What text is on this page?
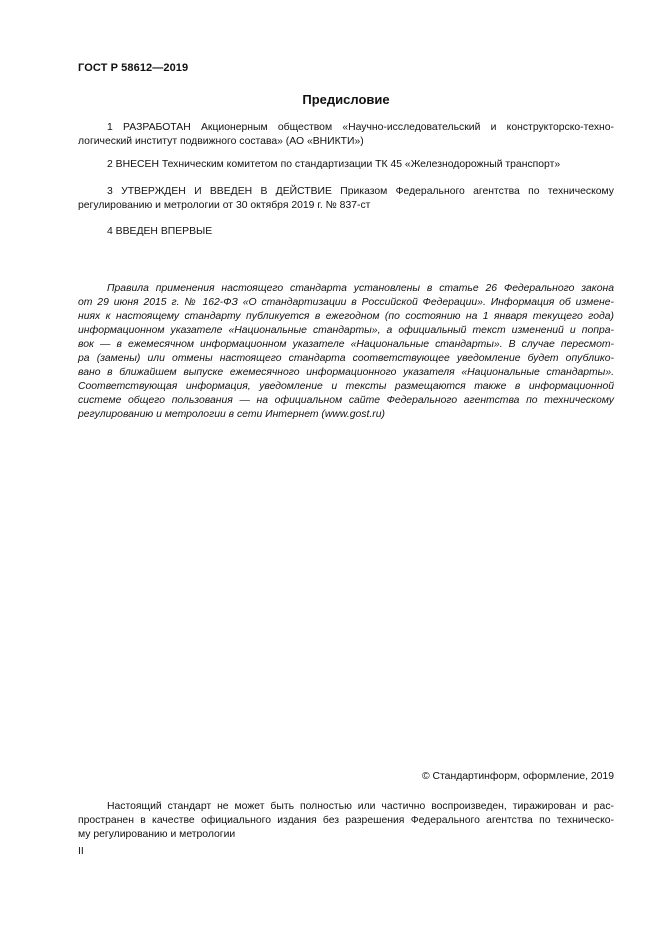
ГОСТ Р 58612—2019
Предисловие
1 РАЗРАБОТАН Акционерным обществом «Научно-исследовательский и конструкторско-техно-
логический институт подвижного состава» (АО «ВНИКТИ»)
2 ВНЕСЕН Техническим комитетом по стандартизации ТК 45 «Железнодорожный транспорт»
3 УТВЕРЖДЕН И ВВЕДЕН В ДЕЙСТВИЕ Приказом Федерального агентства по техническому
регулированию и метрологии от 30 октября 2019 г. № 837-ст
4 ВВЕДЕН ВПЕРВЫЕ
Правила применения настоящего стандарта установлены в статье 26 Федерального закона
от 29 июня 2015 г. № 162-ФЗ «О стандартизации в Российской Федерации». Информация об измене-
ниях к настоящему стандарту публикуется в ежегодном (по состоянию на 1 января текущего года)
информационном указателе «Национальные стандарты», а официальный текст изменений и попра-
вок — в ежемесячном информационном указателе «Национальные стандарты». В случае пересмот-
ра (замены) или отмены настоящего стандарта соответствующее уведомление будет опублико-
вано в ближайшем выпуске ежемесячного информационного указателя «Национальные стандарты».
Соответствующая информация, уведомление и тексты размещаются также в информационной
системе общего пользования — на официальном сайте Федерального агентства по техническому
регулированию и метрологии в сети Интернет (www.gost.ru)
© Стандартинформ, оформление, 2019
Настоящий стандарт не может быть полностью или частично воспроизведен, тиражирован и рас-
пространен в качестве официального издания без разрешения Федерального агентства по техническо-
му регулированию и метрологии
II
